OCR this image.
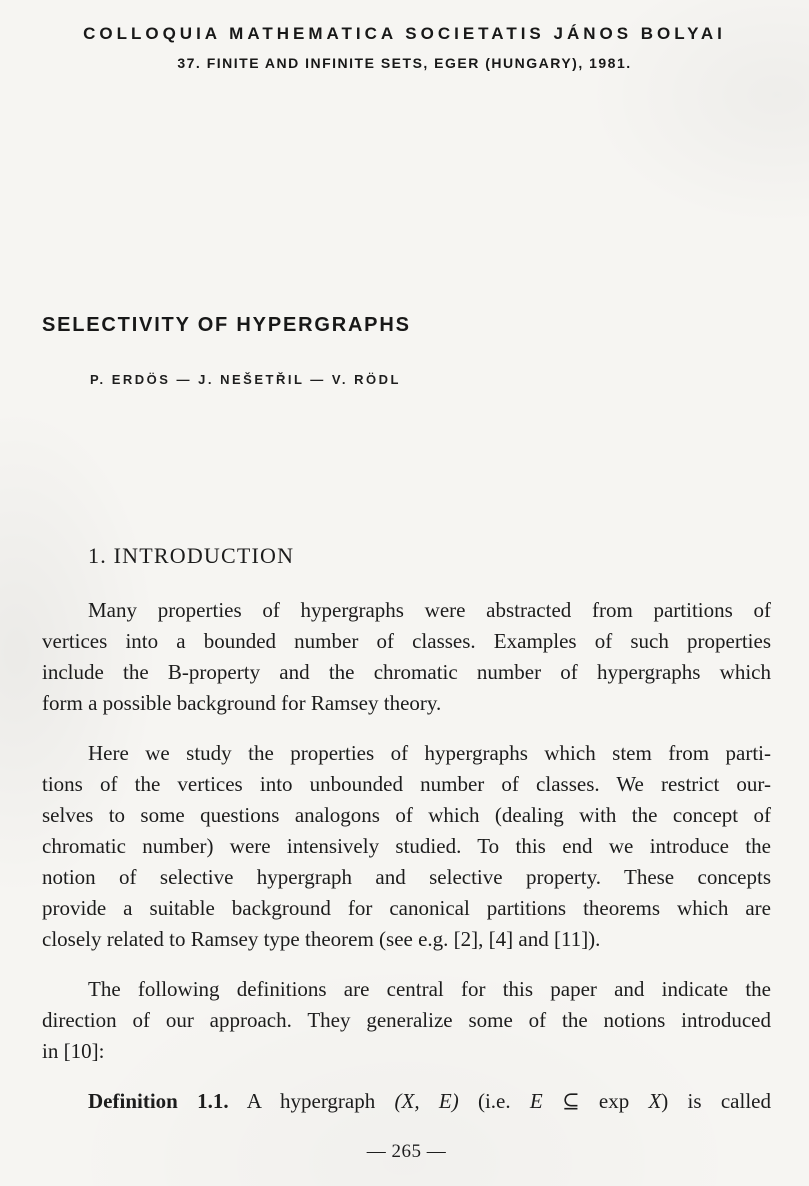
COLLOQUIA MATHEMATICA SOCIETATIS JÁNOS BOLYAI
37. FINITE AND INFINITE SETS, EGER (HUNGARY), 1981.
SELECTIVITY OF HYPERGRAPHS
P. ERDÖS — J. NEŠETŘIL — V. RÖDL
1. INTRODUCTION
Many properties of hypergraphs were abstracted from partitions of
vertices into a bounded number of classes. Examples of such properties
include the B-property and the chromatic number of hypergraphs which
form a possible background for Ramsey theory.
Here we study the properties of hypergraphs which stem from parti-
tions of the vertices into unbounded number of classes. We restrict our-
selves to some questions analogons of which (dealing with the concept of
chromatic number) were intensively studied. To this end we introduce the
notion of selective hypergraph and selective property. These concepts
provide a suitable background for canonical partitions theorems which are
closely related to Ramsey type theorem (see e.g. [2], [4] and [11]).
The following definitions are central for this paper and indicate the
direction of our approach. They generalize some of the notions introduced
in [10]:
Definition 1.1. A hypergraph (X, E) (i.e. E ⊆ exp X) is called
— 265 —
